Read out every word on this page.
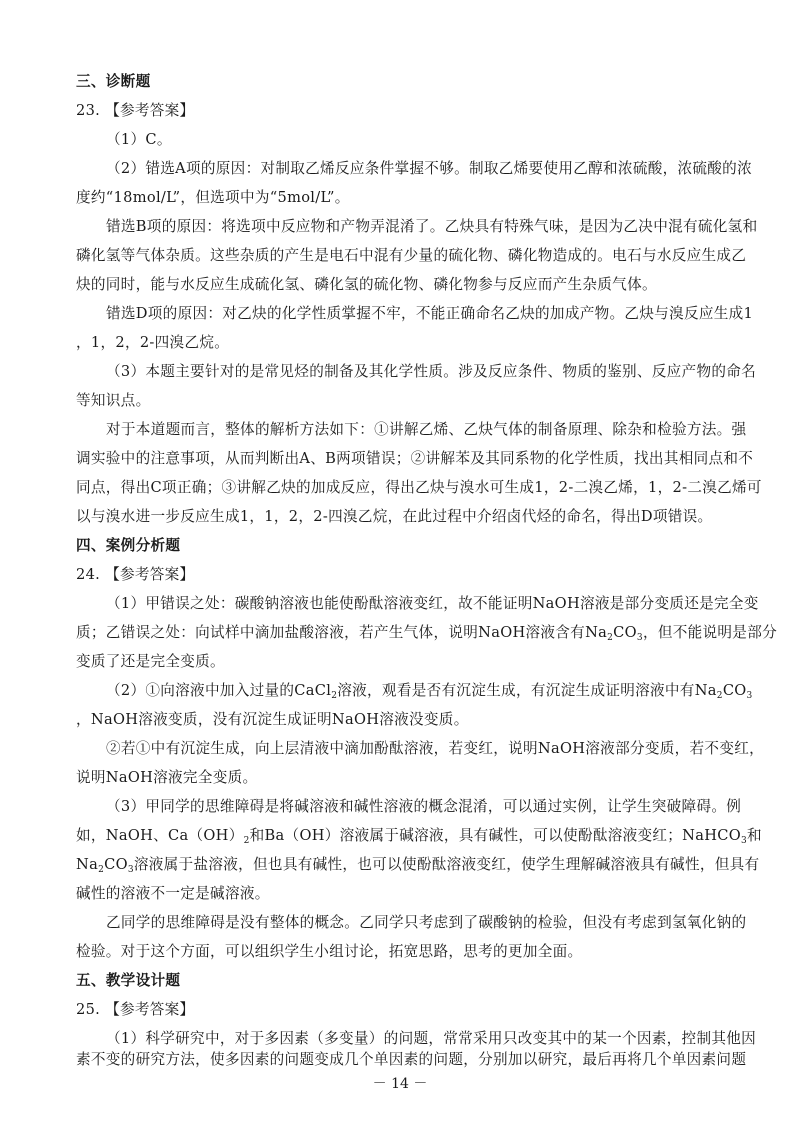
三、诊断题
23. 【参考答案】
（1）C。
（2）错选A项的原因：对制取乙烯反应条件掌握不够。制取乙烯要使用乙醇和浓硫酸，浓硫酸的浓
度约“18mol/L”，但选项中为“5mol/L”。
错选B项的原因：将选项中反应物和产物弄混淆了。乙炔具有特殊气味，是因为乙决中混有硫化氢和
磷化氢等气体杂质。这些杂质的产生是电石中混有少量的硫化物、磷化物造成的。电石与水反应生成乙
炔的同时，能与水反应生成硫化氢、磷化氢的硫化物、磷化物参与反应而产生杂质气体。
错选D项的原因：对乙炔的化学性质掌握不牢，不能正确命名乙炔的加成产物。乙炔与溴反应生成1
，1，2，2-四溴乙烷。
（3）本题主要针对的是常见烃的制备及其化学性质。涉及反应条件、物质的鉴别、反应产物的命名
等知识点。
对于本道题而言，整体的解析方法如下：①讲解乙烯、乙炔气体的制备原理、除杂和检验方法。强
调实验中的注意事项，从而判断出A、B两项错误；②讲解苯及其同系物的化学性质，找出其相同点和不
同点，得出C项正确；③讲解乙炔的加成反应，得出乙炔与溴水可生成1，2-二溴乙烯，1，2-二溴乙烯可
以与溴水进一步反应生成1，1，2，2-四溴乙烷，在此过程中介绍卤代烃的命名，得出D项错误。
四、案例分析题
24. 【参考答案】
（1）甲错误之处：碳酸钠溶液也能使酚酞溶液变红，故不能证明NaOH溶液是部分变质还是完全变
质；乙错误之处：向试样中滴加盐酸溶液，若产生气体，说明NaOH溶液含有$Na_2CO_3$，但不能说明是部分
变质了还是完全变质。
（2）①向溶液中加入过量的CaCl$_2$溶液，观看是否有沉淀生成，有沉淀生成证明溶液中有$Na_2CO_3$
，NaOH溶液变质，没有沉淀生成证明NaOH溶液没变质。
②若①中有沉淀生成，向上层清液中滴加酚酞溶液，若变红，说明NaOH溶液部分变质，若不变红，
说明NaOH溶液完全变质。
（3）甲同学的思维障碍是将碱溶液和碱性溶液的概念混淆，可以通过实例，让学生突破障碍。例
如，NaOH、$Ca(OH)_2$和Ba（OH）溶液属于碱溶液，具有碱性，可以使酚酞溶液变红；NaHCO$_3$和
$Na_2CO_3$溶液属于盐溶液，但也具有碱性，也可以使酚酞溶液变红，使学生理解碱溶液具有碱性，但具有
碱性的溶液不一定是碱溶液。
乙同学的思维障碍是没有整体的概念。乙同学只考虑到了碳酸钠的检验，但没有考虑到氢氧化钠的
检验。对于这个方面，可以组织学生小组讨论，拓宽思路，思考的更加全面。
五、教学设计题
25. 【参考答案】
（1）科学研究中，对于多因素（多变量）的问题，常常采用只改变其中的某一个因素，控制其他因
素不变的研究方法，使多因素的问题变成几个单因素的问题，分别加以研究，最后再将几个单因素问题
－ 14 －
